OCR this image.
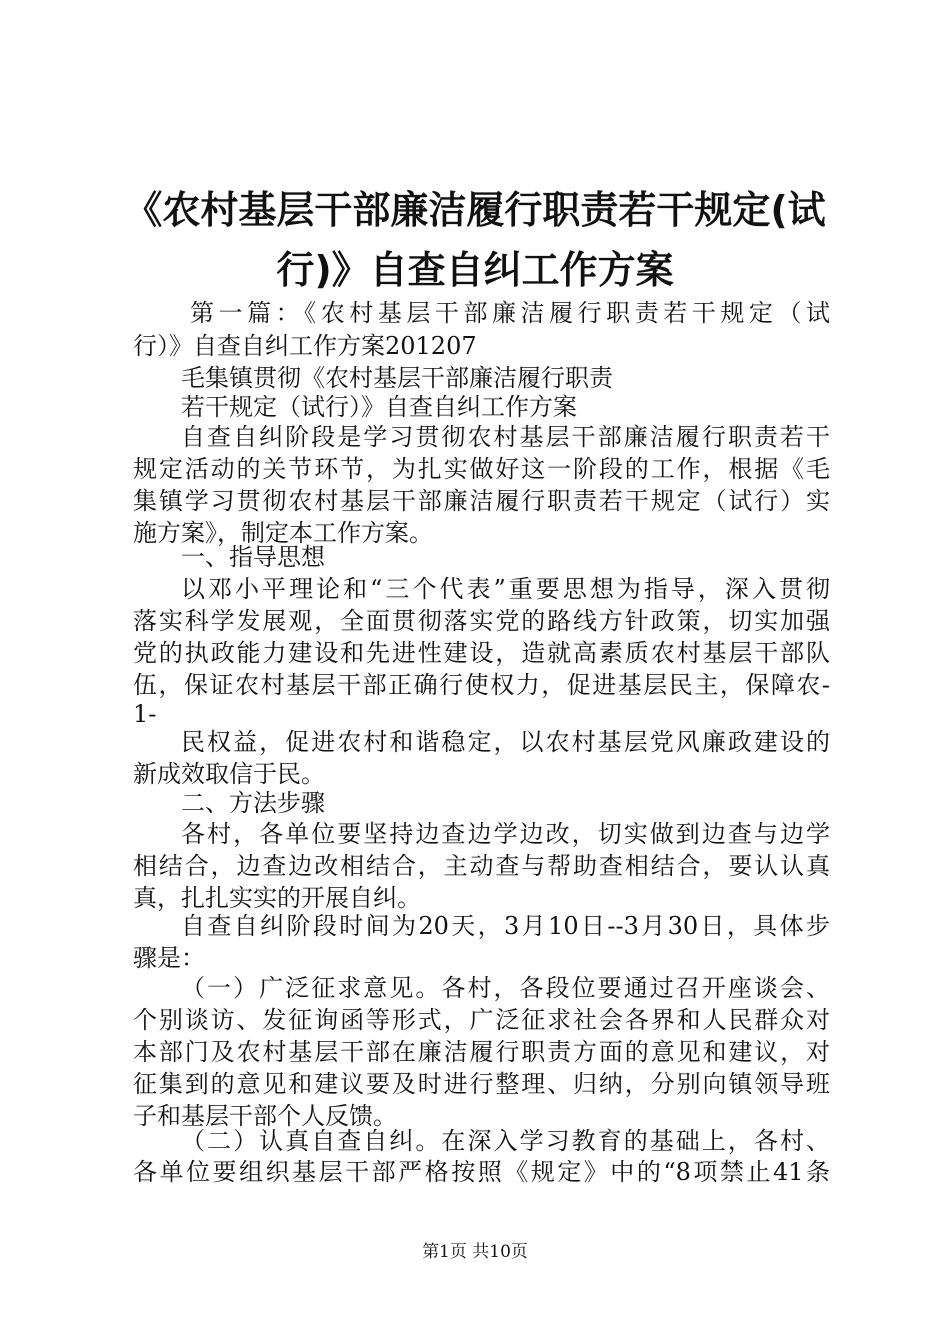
《农村基层干部廉洁履行职责若干规定(试
行)》自查自纠工作方案
第一篇：《农村基层干部廉洁履行职责若干规定（试
行）》自查自纠工作方案201207
毛集镇贯彻《农村基层干部廉洁履行职责
若干规定（试行）》自查自纠工作方案
自查自纠阶段是学习贯彻农村基层干部廉洁履行职责若干
规定活动的关节环节，为扎实做好这一阶段的工作，根据《毛
集镇学习贯彻农村基层干部廉洁履行职责若干规定（试行）实
施方案》，制定本工作方案。
一、指导思想
以邓小平理论和“三个代表”重要思想为指导，深入贯彻
落实科学发展观，全面贯彻落实党的路线方针政策，切实加强
党的执政能力建设和先进性建设，造就高素质农村基层干部队
伍，保证农村基层干部正确行使权力，促进基层民主，保障农-
1-
民权益，促进农村和谐稳定，以农村基层党风廉政建设的
新成效取信于民。
二、方法步骤
各村，各单位要坚持边查边学边改，切实做到边查与边学
相结合，边查边改相结合，主动查与帮助查相结合，要认认真
真，扎扎实实的开展自纠。
自查自纠阶段时间为20天，3月10日--3月30日，具体步
骤是：
（一）广泛征求意见。各村，各段位要通过召开座谈会、
个别谈访、发征询函等形式，广泛征求社会各界和人民群众对
本部门及农村基层干部在廉洁履行职责方面的意见和建议，对
征集到的意见和建议要及时进行整理、归纳，分别向镇领导班
子和基层干部个人反馈。
（二）认真自查自纠。在深入学习教育的基础上，各村、
各单位要组织基层干部严格按照《规定》中的“8项禁止41条
第1页 共10页
